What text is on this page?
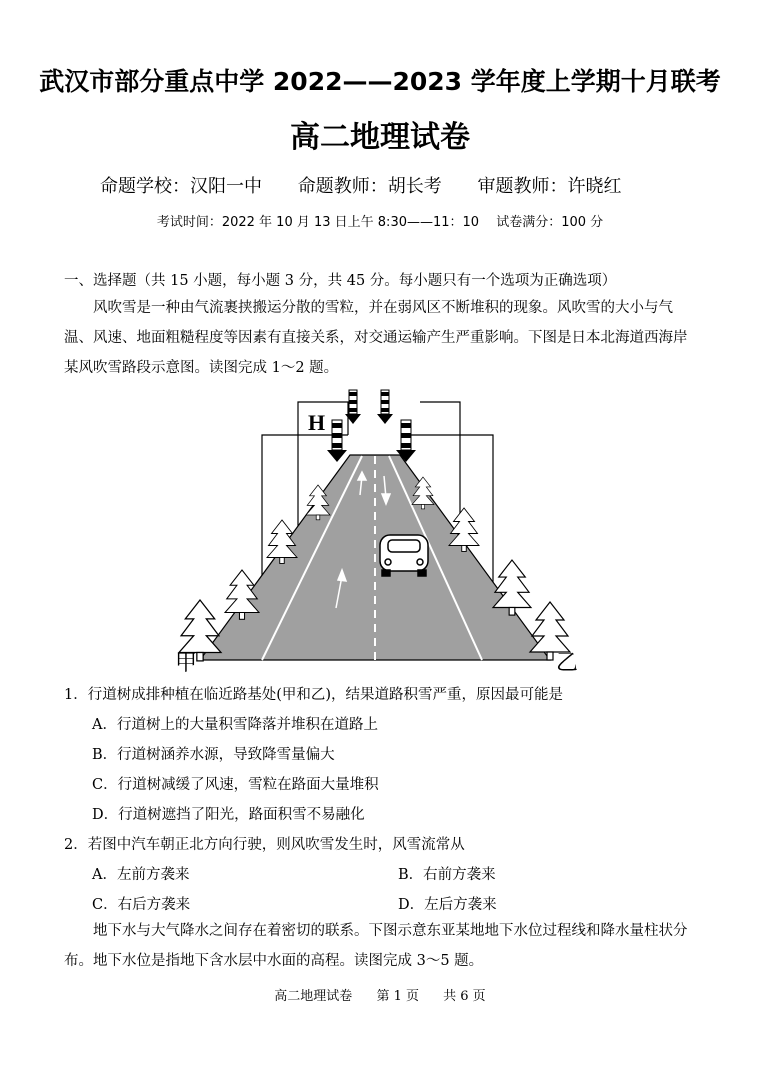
武汉市部分重点中学 2022——2023 学年度上学期十月联考
高二地理试卷
命题学校：汉阳一中 命题教师：胡长考 审题教师：许晓红
考试时间：2022 年 10 月 13 日上午 8:30——11：10　 试卷满分：100 分
一、选择题（共 15 小题，每小题 3 分，共 45 分。每小题只有一个选项为正确选项）
风吹雪是一种由气流裹挟搬运分散的雪粒，并在弱风区不断堆积的现象。风吹雪的大小与气温、风速、地面粗糙程度等因素有直接关系，对交通运输产生严重影响。下图是日本北海道西海岸某风吹雪路段示意图。读图完成 1～2 题。
H
甲	乙
1．行道树成排种植在临近路基处(甲和乙)，结果道路积雪严重，原因最可能是
A．行道树上的大量积雪降落并堆积在道路上
B．行道树涵养水源，导致降雪量偏大
C．行道树减缓了风速，雪粒在路面大量堆积
D．行道树遮挡了阳光，路面积雪不易融化
2．若图中汽车朝正北方向行驶，则风吹雪发生时，风雪流常从
A．左前方袭来	B．右前方袭来
C．右后方袭来	D．左后方袭来
地下水与大气降水之间存在着密切的联系。下图示意东亚某地地下水位过程线和降水量柱状分布。地下水位是指地下含水层中水面的高程。读图完成 3～5 题。
高二地理试卷 第 1 页 共 6 页
